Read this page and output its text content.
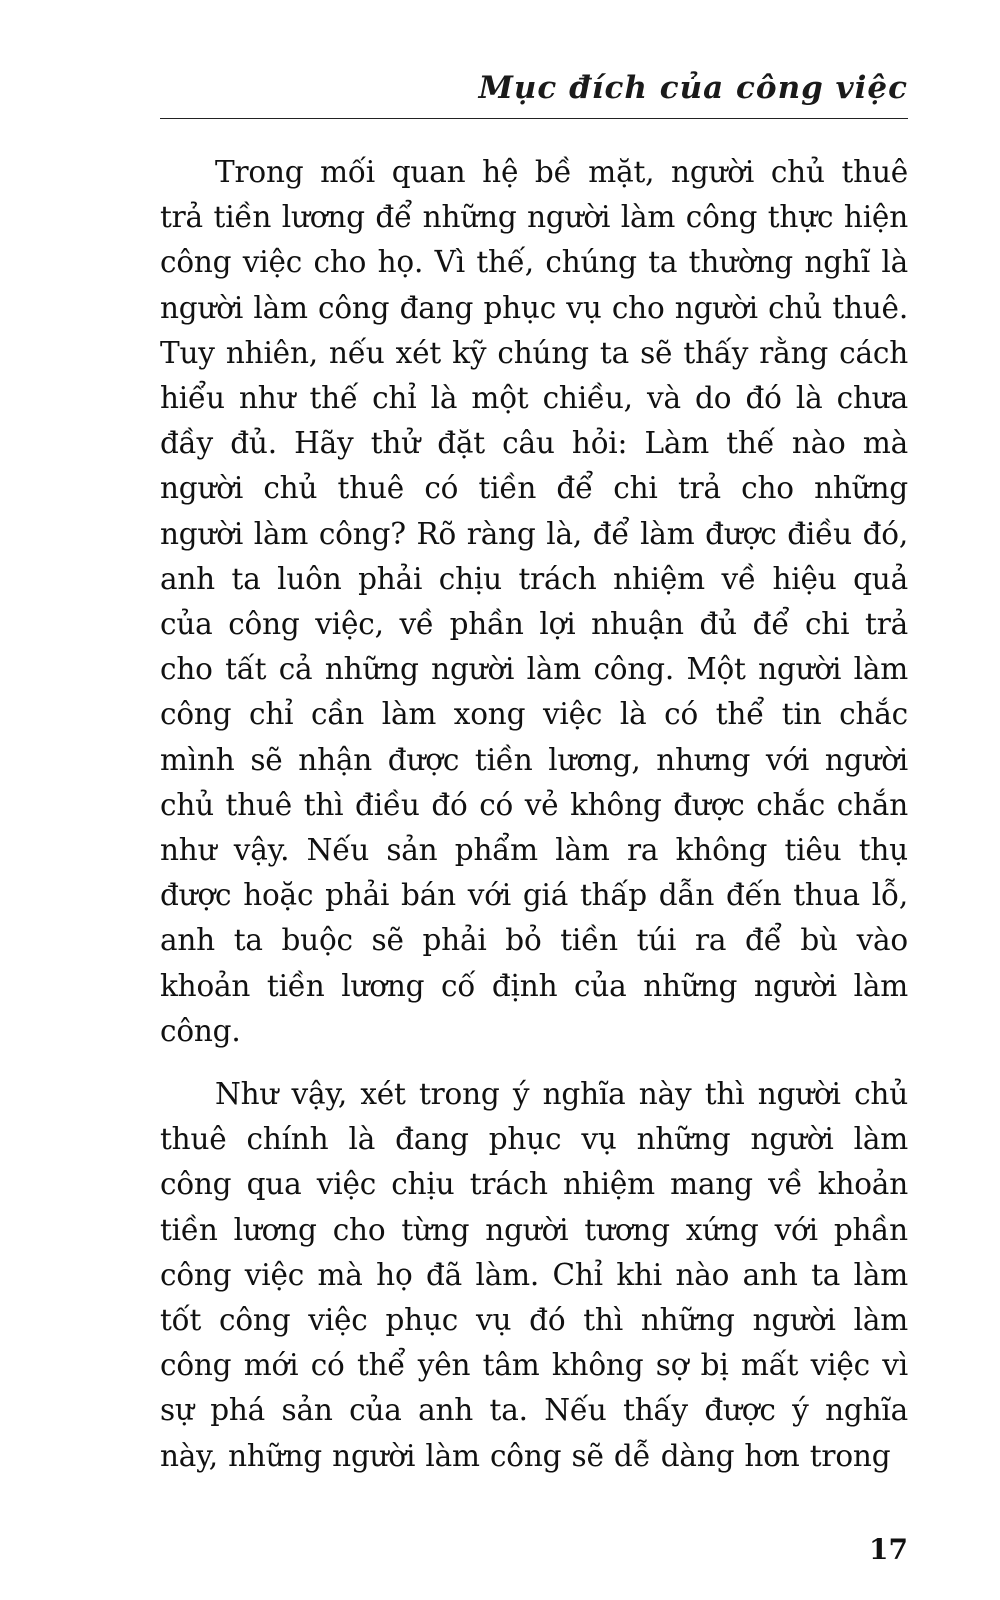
Mục đích của công việc

Trong mối quan hệ bề mặt, người chủ thuê trả tiền lương để những người làm công thực hiện công việc cho họ. Vì thế, chúng ta thường nghĩ là người làm công đang phục vụ cho người chủ thuê. Tuy nhiên, nếu xét kỹ chúng ta sẽ thấy rằng cách hiểu như thế chỉ là một chiều, và do đó là chưa đầy đủ. Hãy thử đặt câu hỏi: Làm thế nào mà người chủ thuê có tiền để chi trả cho những người làm công? Rõ ràng là, để làm được điều đó, anh ta luôn phải chịu trách nhiệm về hiệu quả của công việc, về phần lợi nhuận đủ để chi trả cho tất cả những người làm công. Một người làm công chỉ cần làm xong việc là có thể tin chắc mình sẽ nhận được tiền lương, nhưng với người chủ thuê thì điều đó có vẻ không được chắc chắn như vậy. Nếu sản phẩm làm ra không tiêu thụ được hoặc phải bán với giá thấp dẫn đến thua lỗ, anh ta buộc sẽ phải bỏ tiền túi ra để bù vào khoản tiền lương cố định của những người làm công.

Như vậy, xét trong ý nghĩa này thì người chủ thuê chính là đang phục vụ những người làm công qua việc chịu trách nhiệm mang về khoản tiền lương cho từng người tương xứng với phần công việc mà họ đã làm. Chỉ khi nào anh ta làm tốt công việc phục vụ đó thì những người làm công mới có thể yên tâm không sợ bị mất việc vì sự phá sản của anh ta. Nếu thấy được ý nghĩa này, những người làm công sẽ dễ dàng hơn trong

17
